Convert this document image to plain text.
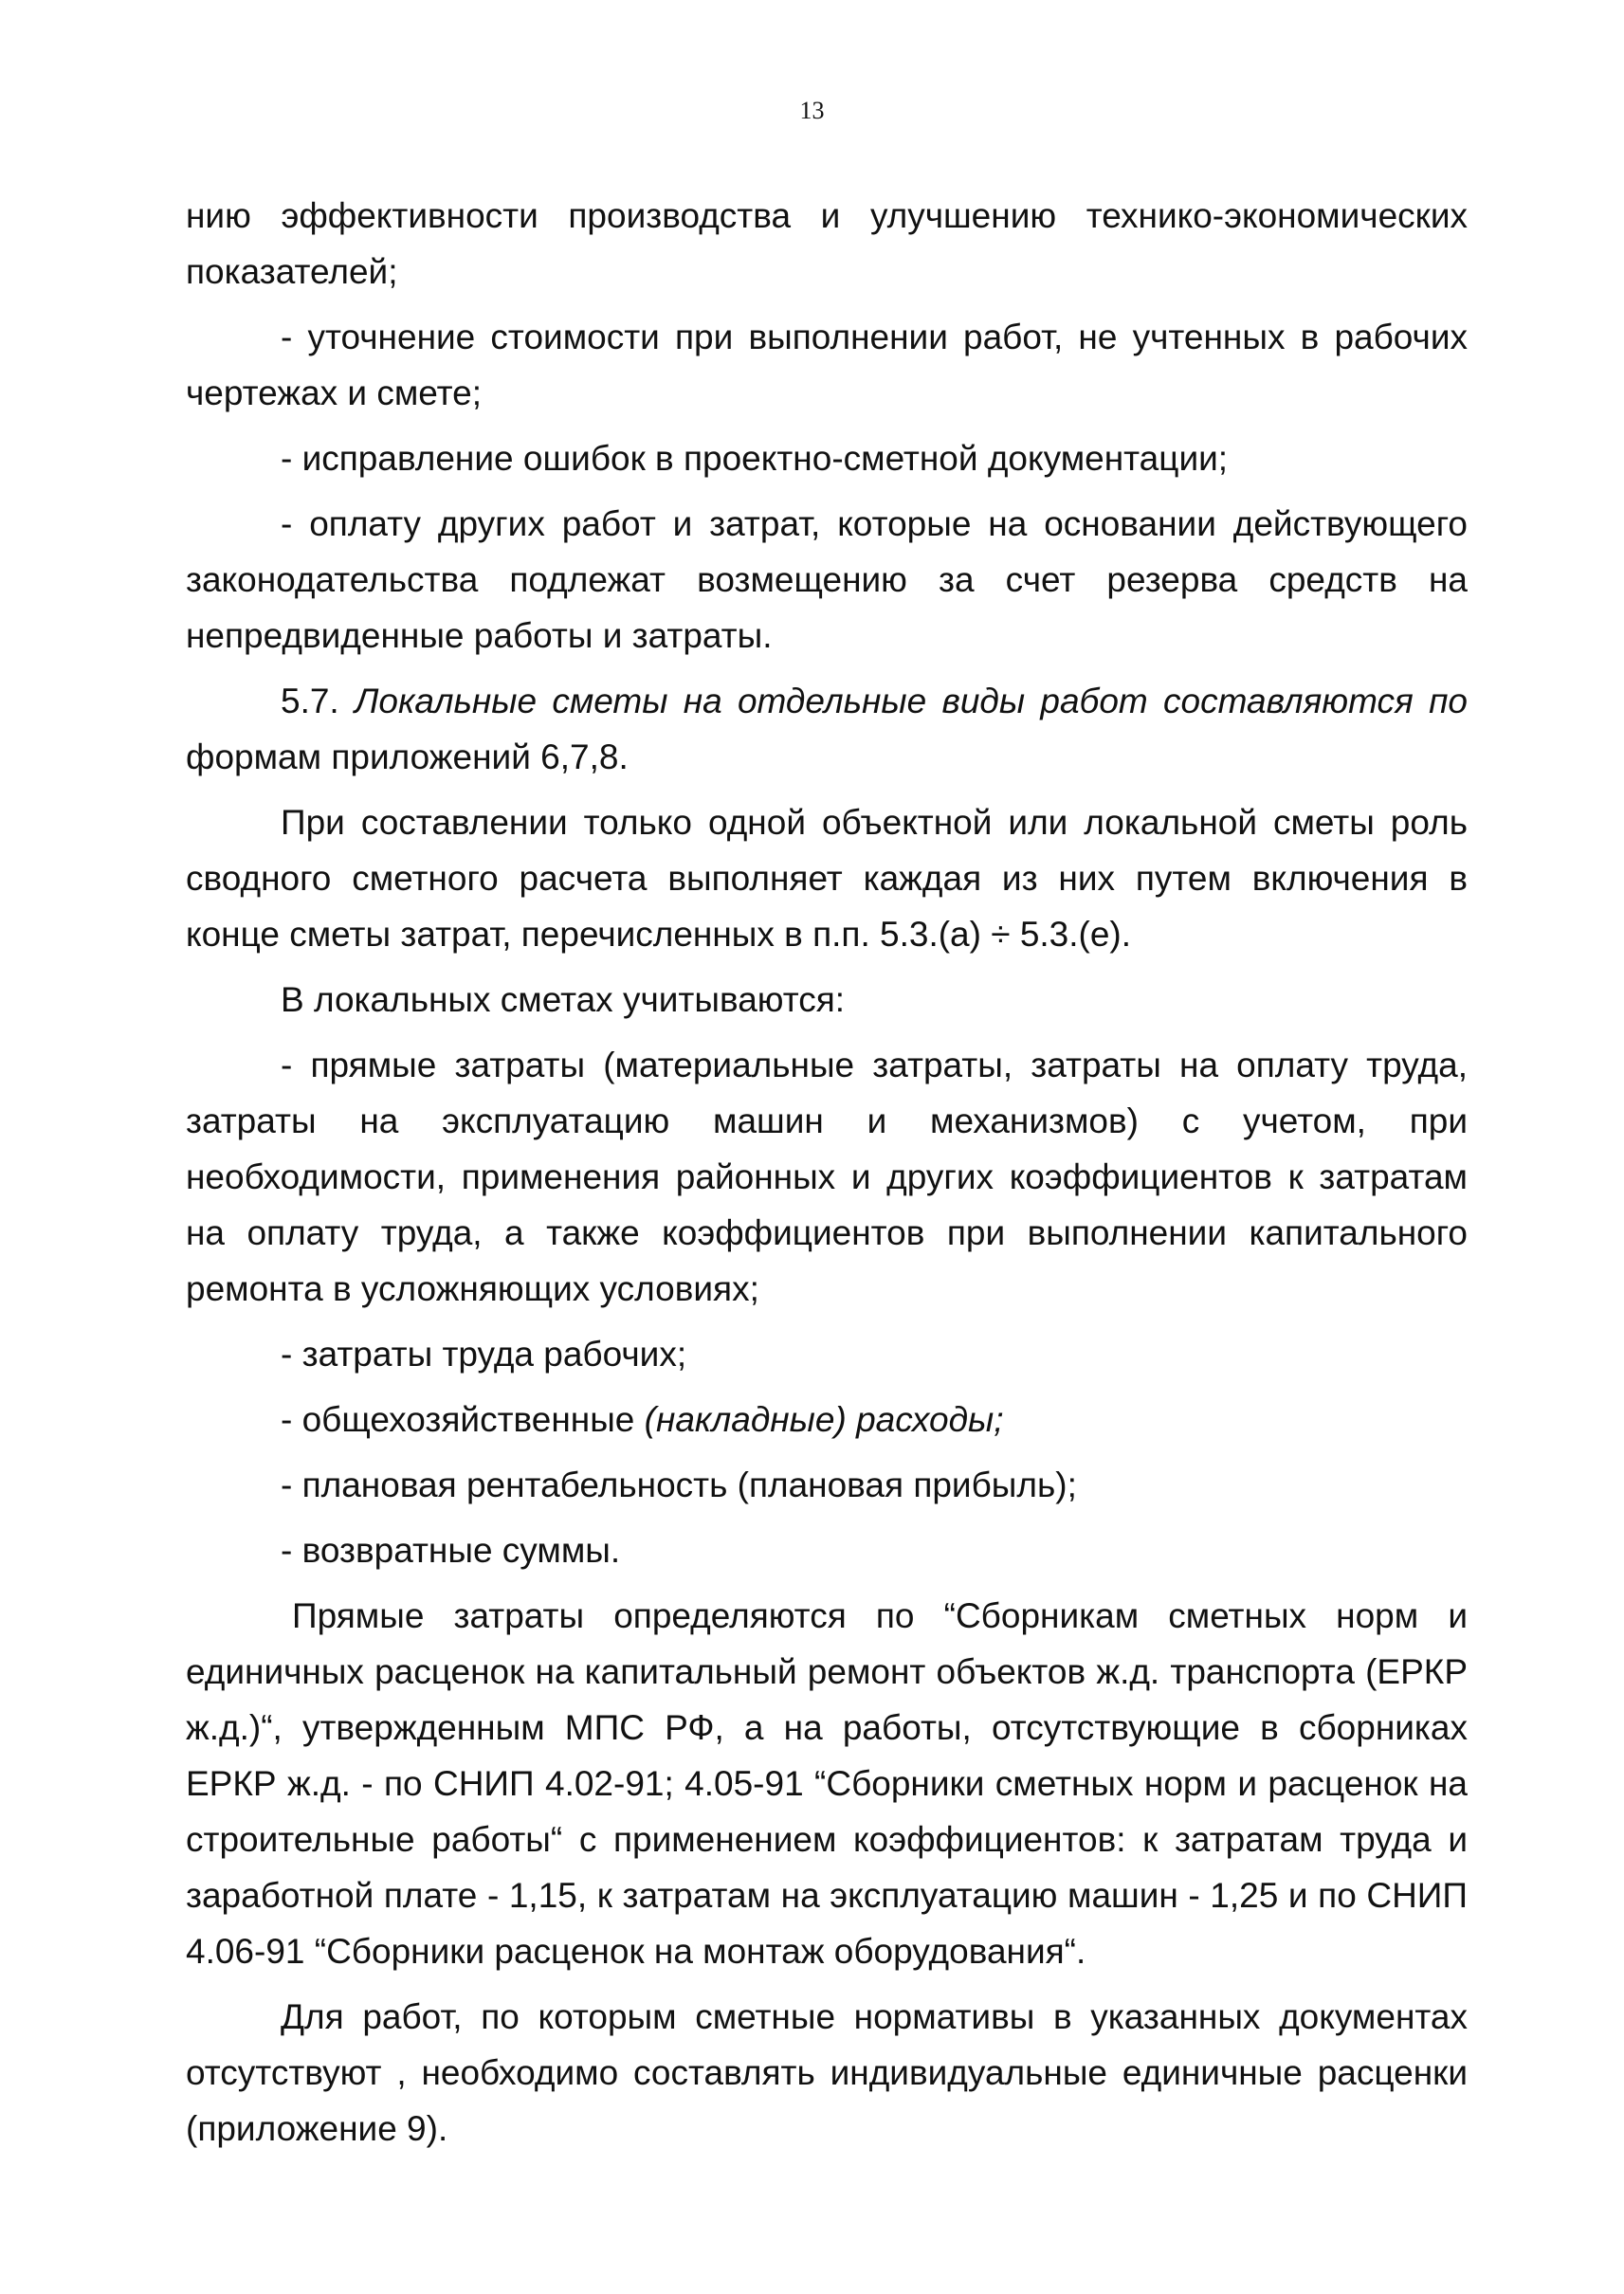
13

нию эффективности производства и улучшению технико-экономических показателей;

- уточнение стоимости при выполнении работ, не учтенных в рабочих чертежах и смете;

- исправление ошибок в проектно-сметной документации;

- оплату других работ и затрат, которые на основании действующего законодательства подлежат возмещению за счет резерва средств на непредвиденные работы и затраты.

5.7. Локальные сметы на отдельные виды работ составляются по формам приложений 6,7,8.

При составлении только одной объектной или локальной сметы роль сводного сметного расчета выполняет каждая из них путем включения в конце сметы затрат, перечисленных в п.п. 5.3.(а) ÷ 5.3.(е).

В локальных сметах учитываются:

- прямые затраты (материальные затраты, затраты на оплату труда, затраты на эксплуатацию машин и механизмов) с учетом, при необходимости, применения районных и других коэффициентов к затратам на оплату труда, а также коэффициентов при выполнении капитального ремонта в усложняющих условиях;

- затраты труда рабочих;

- общехозяйственные (накладные) расходы;

- плановая рентабельность (плановая прибыль);

- возвратные суммы.

Прямые затраты определяются по “Сборникам сметных норм и единичных расценок на капитальный ремонт объектов ж.д. транспорта (ЕРКР ж.д.)“, утвержденным МПС РФ, а на работы, отсутствующие в сборниках ЕРКР ж.д. - по СНИП 4.02-91; 4.05-91 “Сборники сметных норм и расценок на строительные работы“ с применением коэффициентов: к затратам труда и заработной плате - 1,15, к затратам на эксплуатацию машин - 1,25 и по СНИП 4.06-91 “Сборники расценок на монтаж оборудования“.

Для работ, по которым сметные нормативы в указанных документах отсутствуют , необходимо составлять индивидуальные единичные расценки (приложение 9).
